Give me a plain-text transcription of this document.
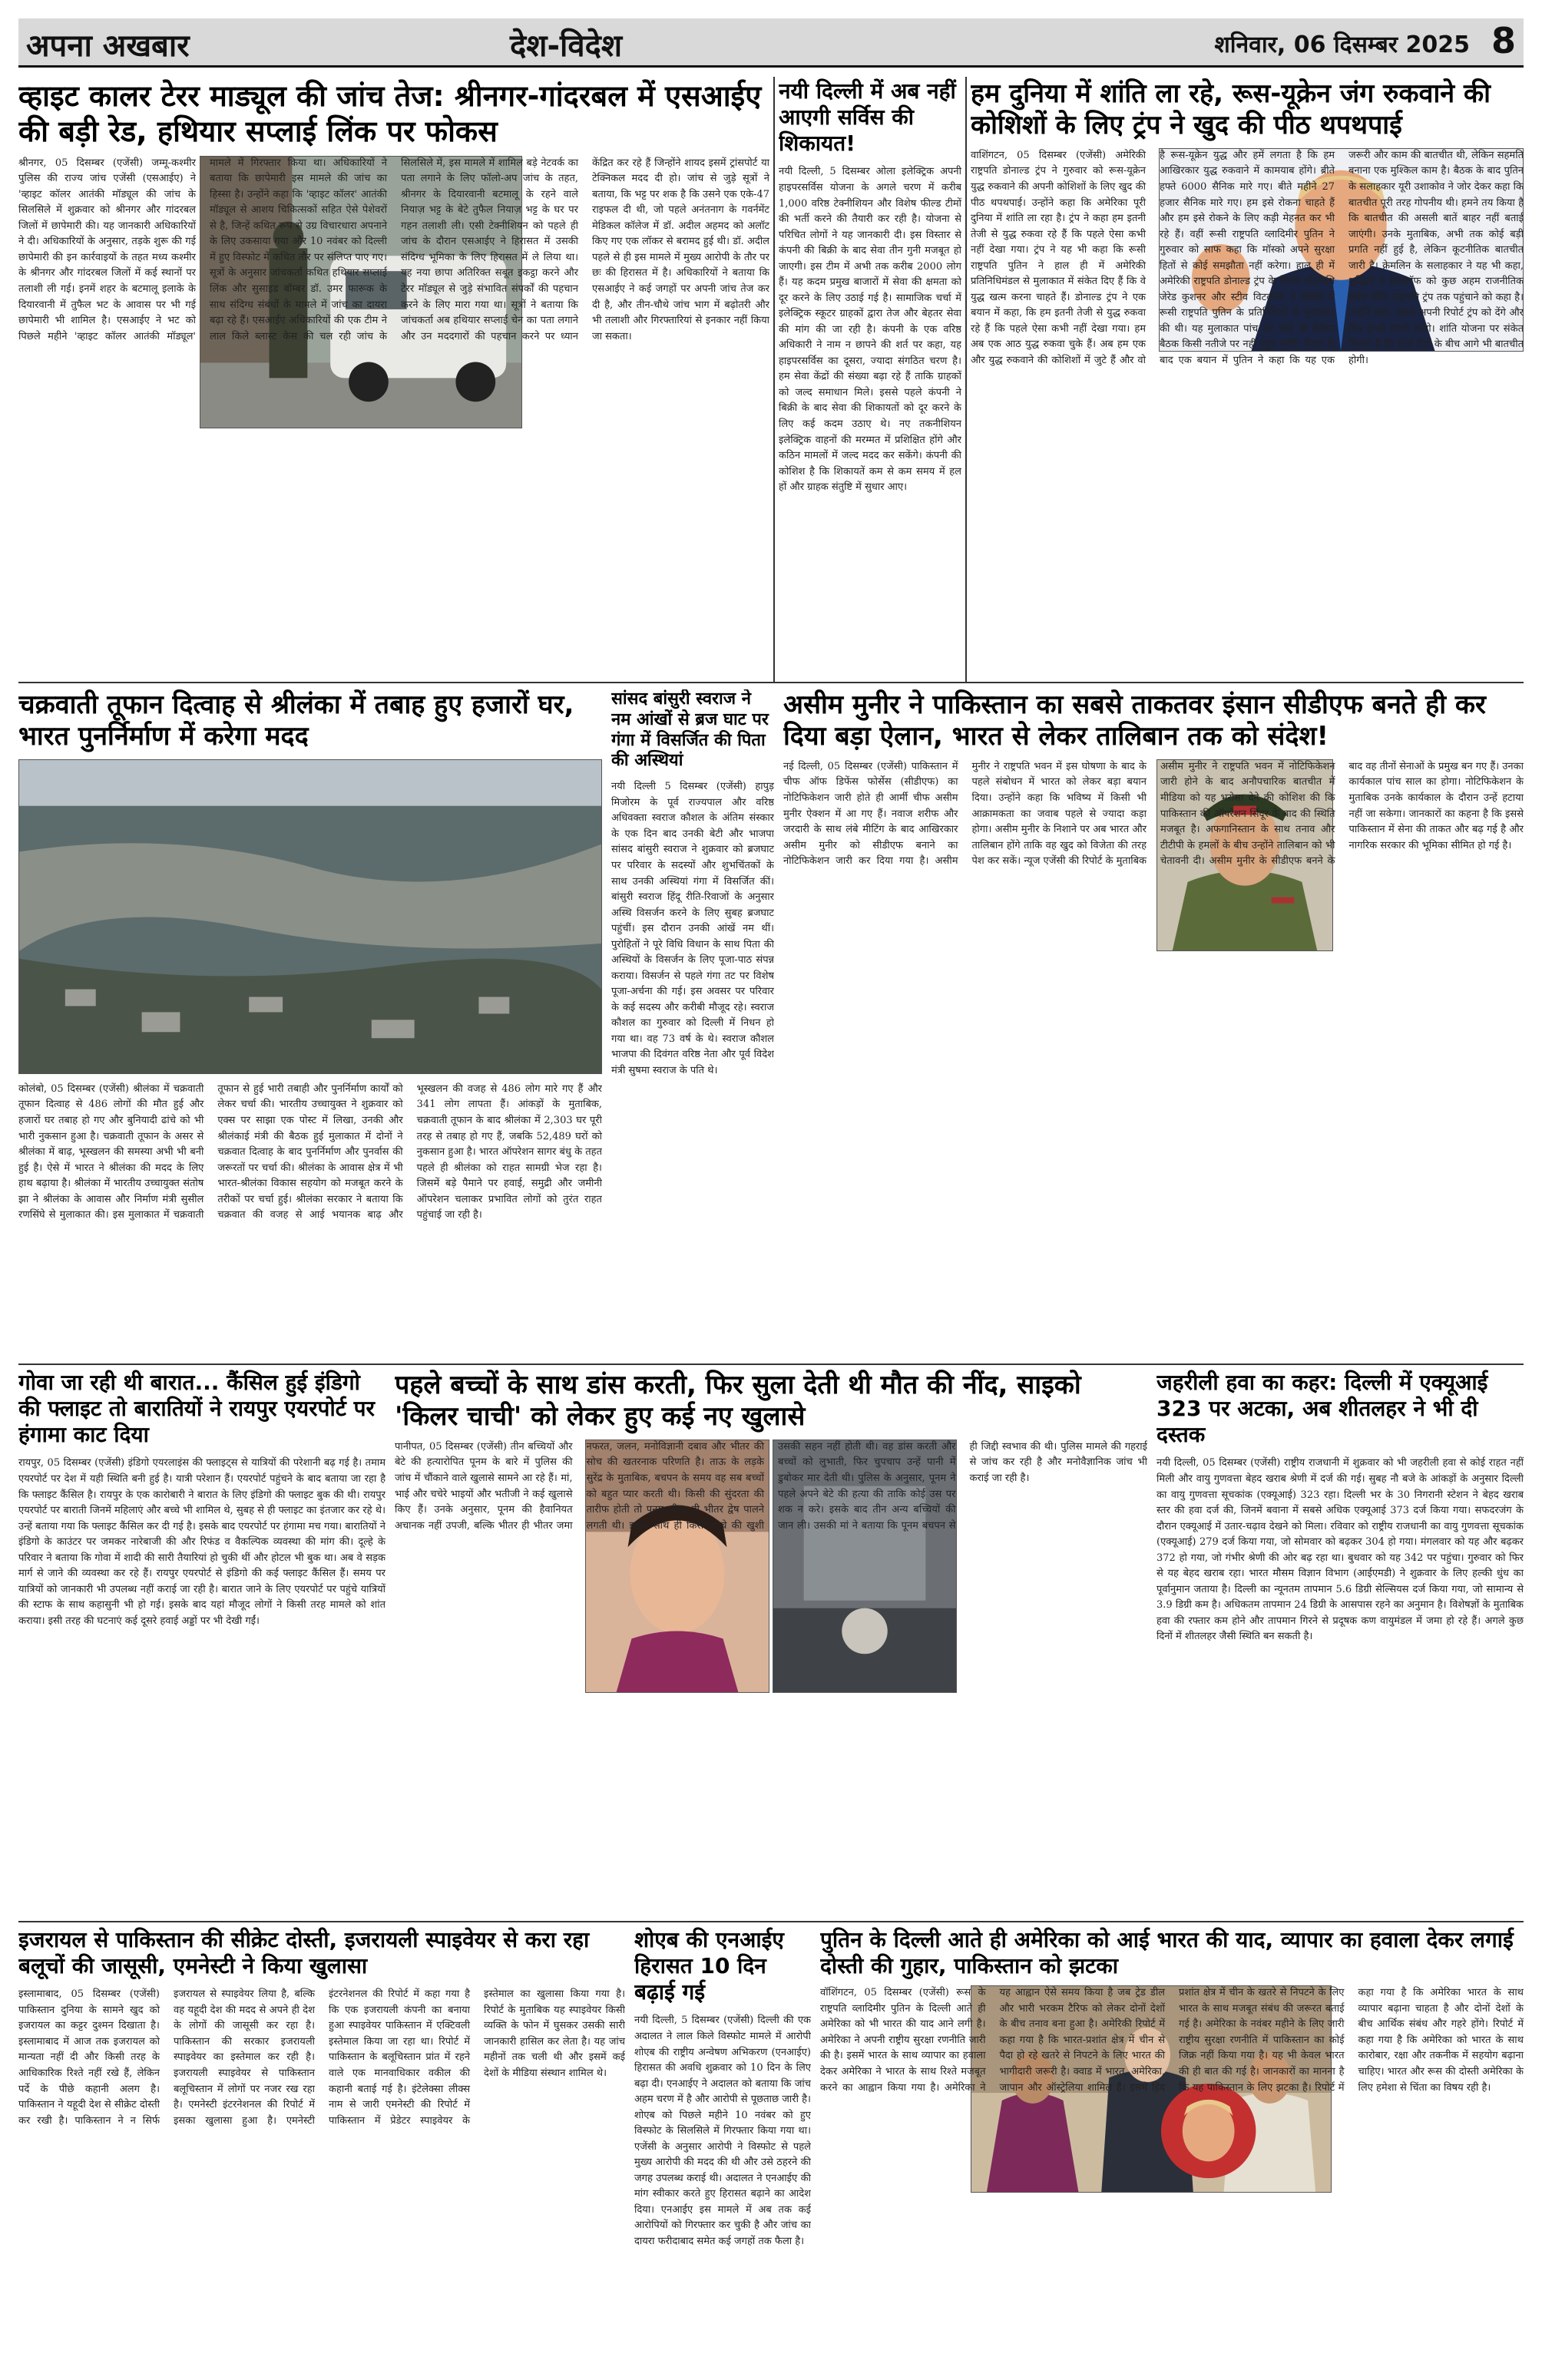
अपना अखबार	देश-विदेश	शनिवार, 06 दिसम्बर 2025 8
व्हाइट कालर टेरर माड्यूल की जांच तेज: श्रीनगर-गांदरबल में एसआईए की बड़ी रेड, हथियार सप्लाई लिंक पर फोकस
श्रीनगर, 05 दिसम्बर (एजेंसी) जम्मू-कश्मीर पुलिस की राज्य जांच एजेंसी (एसआईए) ने 'व्हाइट कॉलर आतंकी मॉड्यूल की जांच के सिलसिले में शुक्रवार को श्रीनगर और गांदरबल जिलों में छापेमारी की। यह जानकारी अधिकारियों ने दी। अधिकारियों के अनुसार, तड़के शुरू की गई छापेमारी की इन कार्रवाइयों के तहत मध्य कश्मीर के श्रीनगर और गांदरबल जिलों में कई स्थानों पर तलाशी ली गई। इनमें शहर के बटमालू इलाके के दियारवानी में तुफैल भट के आवास पर भी गई छापेमारी भी शामिल है। एसआईए ने भट को पिछले महीने 'व्हाइट कॉलर आतंकी मॉड्यूल' मामले में गिरफ्तार किया था। अधिकारियों ने बताया कि छापेमारी इस मामले की जांच का हिस्सा है। उन्होंने कहा कि 'व्हाइट कॉलर' आतंकी मॉड्यूल से आशय चिकित्सकों सहित ऐसे पेशेवरों से है, जिन्हें कथित रूप से उग्र विचारधारा अपनाने के लिए उकसाया गया और 10 नवंबर को दिल्ली में हुए विस्फोट में कथित तौर पर संलिप्त पाए गए। सूत्रों के अनुसार जांचकर्ता कथित हथियार सप्लाई लिंक और सुसाइड बॉम्बर डॉ. उमर फारूक के साथ संदिग्ध संबंधों के मामले में जांच का दायरा बढ़ा रहे हैं। एसआईए अधिकारियों की एक टीम ने लाल किले ब्लास्ट केस की चल रही जांच के सिलसिले में, इस मामले में शामिल बड़े नेटवर्क का पता लगाने के लिए फॉलो-अप जांच के तहत, श्रीनगर के दियारवानी बटमालू के रहने वाले नियाज़ भट्ट के बेटे तुफैल नियाज़ भट्ट के घर पर गहन तलाशी ली। एसी टेक्नीशियन को पहले ही जांच के दौरान एसआईए ने हिरासत में उसकी संदिग्ध भूमिका के लिए हिरासत में ले लिया था। यह नया छापा अतिरिक्त सबूत इकट्ठा करने और टेरर मॉड्यूल से जुड़े संभावित संपर्कों की पहचान करने के लिए मारा गया था। सूत्रों ने बताया कि जांचकर्ता अब हथियार सप्लाई चेन का पता लगाने और उन मददगारों की पहचान करने पर ध्यान केंद्रित कर रहे हैं जिन्होंने शायद इसमें ट्रांसपोर्ट या टेक्निकल मदद दी हो। जांच से जुड़े सूत्रों ने बताया, कि भट्ट पर शक है कि उसने एक एके-47 राइफल दी थी, जो पहले अनंतनाग के गवर्नमेंट मेडिकल कॉलेज में डॉ. अदील अहमद को अलॉट किए गए एक लॉकर से बरामद हुई थी। डॉ. अदील पहले से ही इस मामले में मुख्य आरोपी के तौर पर छः की हिरासत में है। अधिकारियों ने बताया कि एसआईए ने कई जगहों पर अपनी जांच तेज कर दी है, और तीन-चौथे जांच भाग में बढ़ोतरी और भी तलाशी और गिरफ्तारियां से इनकार नहीं किया जा सकता।
नयी दिल्ली में अब नहीं आएगी सर्विस की शिकायत!
नयी दिल्ली, 5 दिसम्बर ओला इलेक्ट्रिक अपनी हाइपरसर्विस योजना के अगले चरण में करीब 1,000 वरिष्ठ टेक्नीशियन और विशेष फील्ड टीमों की भर्ती करने की तैयारी कर रही है। योजना से परिचित लोगों ने यह जानकारी दी। इस विस्तार से कंपनी की बिक्री के बाद सेवा तीन गुनी मजबूत हो जाएगी। इस टीम में अभी तक करीब 2000 लोग हैं। यह कदम प्रमुख बाजारों में सेवा की क्षमता को दूर करने के लिए उठाई गई है। सामाजिक चर्चा में इलेक्ट्रिक स्कूटर ग्राहकों द्वारा तेज और बेहतर सेवा की मांग की जा रही है। कंपनी के एक वरिष्ठ अधिकारी ने नाम न छापने की शर्त पर कहा, यह हाइपरसर्विस का दूसरा, ज्यादा संगठित चरण है। हम सेवा केंद्रों की संख्या बढ़ा रहे हैं ताकि ग्राहकों को जल्द समाधान मिले। इससे पहले कंपनी ने बिक्री के बाद सेवा की शिकायतों को दूर करने के लिए कई कदम उठाए थे। नए तकनीशियन इलेक्ट्रिक वाहनों की मरम्मत में प्रशिक्षित होंगे और कठिन मामलों में जल्द मदद कर सकेंगे। कंपनी की कोशिश है कि शिकायतें कम से कम समय में हल हों और ग्राहक संतुष्टि में सुधार आए।
हम दुनिया में शांति ला रहे, रूस-यूक्रेन जंग रुकवाने की कोशिशों के लिए ट्रंप ने खुद की पीठ थपथपाई
वाशिंगटन, 05 दिसम्बर (एजेंसी) अमेरिकी राष्ट्रपति डोनाल्ड ट्रंप ने गुरुवार को रूस-यूक्रेन युद्ध रुकवाने की अपनी कोशिशों के लिए खुद की पीठ थपथपाई। उन्होंने कहा कि अमेरिका पूरी दुनिया में शांति ला रहा है। ट्रंप ने कहा हम इतनी तेजी से युद्ध रुकवा रहे हैं कि पहले ऐसा कभी नहीं देखा गया। ट्रंप ने यह भी कहा कि रूसी राष्ट्रपति पुतिन ने हाल ही में अमेरिकी प्रतिनिधिमंडल से मुलाकात में संकेत दिए हैं कि वे युद्ध खत्म करना चाहते हैं। डोनाल्ड ट्रंप ने एक बयान में कहा, कि हम इतनी तेजी से युद्ध रुकवा रहे हैं कि पहले ऐसा कभी नहीं देखा गया। हम अब एक आठ युद्ध रुकवा चुके हैं। अब हम एक और युद्ध रुकवाने की कोशिशों में जुटे हैं और वो है रूस-यूक्रेन युद्ध और हमें लगता है कि हम आखिरकार युद्ध रुकवाने में कामयाब होंगे। ब्रीते हफ्ते 6000 सैनिक मारे गए। बीते महीने 27 हजार सैनिक मारे गए। हम इसे रोकना चाहते हैं और हम इसे रोकने के लिए कड़ी मेहनत कर भी रहे हैं। वहीं रूसी राष्ट्रपति व्लादिमीर पुतिन ने गुरुवार को साफ कहा कि मॉस्को अपने सुरक्षा हितों से कोई समझौता नहीं करेगा। हाल ही में अमेरिकी राष्ट्रपति डोनाल्ड ट्रंप के विशेष प्रतिनिधि जेरेड कुशनर और स्टीव विटकॉफ ने मॉस्को में रूसी राष्ट्रपति पुतिन के प्रतिनिधियों से मुलाकात की थी। यह मुलाकात पांच घंटे चली थी लेकिन बैठक किसी नतीजे पर नहीं पहुंच सकी। बैठक के बाद एक बयान में पुतिन ने कहा कि यह एक जरूरी और काम की बातचीत थी, लेकिन सहमति बनाना एक मुश्किल काम है। बैठक के बाद पुतिन के सलाहकार यूरी उशाकोव ने जोर देकर कहा कि बातचीत पूरी तरह गोपनीय थी। हमने तय किया है कि बातचीत की असली बातें बाहर नहीं बताई जाएंगी। उनके मुताबिक, अभी तक कोई बड़ी प्रगति नहीं हुई है, लेकिन कूटनीतिक बातचीत जारी है। क्रेमलिन के सलाहकार ने यह भी कहा, शुद्धिता ने विटकॉफ को कुछ अहम राजनीतिक संदेश सौंपे। राष्ट्रपति ट्रंप तक पहुंचाने को कहा है। उन्होंने कहा, सबसे अपनी रिपोर्ट ट्रंप को देंगे और फिर हमसे संपर्क करेंगे। शांति योजना पर संकेत मिलता है कि दोनों देशों के बीच आगे भी बातचीत होगी।
चक्रवाती तूफान दित्वाह से श्रीलंका में तबाह हुए हजारों घर, भारत पुनर्निर्माण में करेगा मदद
कोलंबो, 05 दिसम्बर (एजेंसी) श्रीलंका में चक्रवाती तूफान दित्वाह से 486 लोगों की मौत हुई और हजारों घर तबाह हो गए और बुनियादी ढांचे को भी भारी नुकसान हुआ है। चक्रवाती तूफान के असर से श्रीलंका में बाढ़, भूस्खलन की समस्या अभी भी बनी हुई है। ऐसे में भारत ने श्रीलंका की मदद के लिए हाथ बढ़ाया है। श्रीलंका में भारतीय उच्चायुक्त संतोष झा ने श्रीलंका के आवास और निर्माण मंत्री सुसील रणसिंघे से मुलाकात की। इस मुलाकात में चक्रवाती तूफान से हुई भारी तबाही और पुनर्निर्माण कार्यों को लेकर चर्चा की। भारतीय उच्चायुक्त ने शुक्रवार को एक्स पर साझा एक पोस्ट में लिखा, उनकी और श्रीलंकाई मंत्री की बैठक हुई मुलाकात में दोनों ने चक्रवात दित्वाह के बाद पुनर्निर्माण और पुनर्वास की जरूरतों पर चर्चा की। श्रीलंका के आवास क्षेत्र में भी भारत-श्रीलंका विकास सहयोग को मजबूत करने के तरीकों पर चर्चा हुई। श्रीलंका सरकार ने बताया कि चक्रवात की वजह से आई भयानक बाढ़ और भूस्खलन की वजह से 486 लोग मारे गए हैं और 341 लोग लापता हैं। आंकड़ों के मुताबिक, चक्रवाती तूफान के बाद श्रीलंका में 2,303 घर पूरी तरह से तबाह हो गए हैं, जबकि 52,489 घरों को नुकसान हुआ है। भारत ऑपरेशन सागर बंधु के तहत पहले ही श्रीलंका को राहत सामग्री भेज रहा है। जिसमें बड़े पैमाने पर हवाई, समुद्री और जमीनी ऑपरेशन चलाकर प्रभावित लोगों को तुरंत राहत पहुंचाई जा रही है।
सांसद बांसुरी स्वराज ने नम आंखों से ब्रज घाट पर गंगा में विसर्जित की पिता की अस्थियां
नयी दिल्ली 5 दिसम्बर (एजेंसी) हापुड़ मिजोरम के पूर्व राज्यपाल और वरिष्ठ अधिवक्ता स्वराज कौशल के अंतिम संस्कार के एक दिन बाद उनकी बेटी और भाजपा सांसद बांसुरी स्वराज ने शुक्रवार को ब्रजघाट पर परिवार के सदस्यों और शुभचिंतकों के साथ उनकी अस्थियां गंगा में विसर्जित कीं। बांसुरी स्वराज हिंदू रीति-रिवाजों के अनुसार अस्थि विसर्जन करने के लिए सुबह ब्रजघाट पहुंचीं। इस दौरान उनकी आंखें नम थीं। पुरोहितों ने पूरे विधि विधान के साथ पिता की अस्थियों के विसर्जन के लिए पूजा-पाठ संपन्न कराया। विसर्जन से पहले गंगा तट पर विशेष पूजा-अर्चना की गई। इस अवसर पर परिवार के कई सदस्य और करीबी मौजूद रहे। स्वराज कौशल का गुरुवार को दिल्ली में निधन हो गया था। वह 73 वर्ष के थे। स्वराज कौशल भाजपा की दिवंगत वरिष्ठ नेता और पूर्व विदेश मंत्री सुषमा स्वराज के पति थे।
असीम मुनीर ने पाकिस्तान का सबसे ताकतवर इंसान सीडीएफ बनते ही कर दिया बड़ा ऐलान, भारत से लेकर तालिबान तक को संदेश!
नई दिल्ली, 05 दिसम्बर (एजेंसी) पाकिस्तान में चीफ ऑफ डिफेंस फोर्सेस (सीडीएफ) का नोटिफिकेशन जारी होते ही आर्मी चीफ असीम मुनीर ऐक्शन में आ गए हैं। नवाज शरीफ और जरदारी के साथ लंबे मीटिंग के बाद आखिरकार असीम मुनीर को सीडीएफ बनाने का नोटिफिकेशन जारी कर दिया गया है। असीम मुनीर ने राष्ट्रपति भवन में इस घोषणा के बाद के पहले संबोधन में भारत को लेकर बड़ा बयान दिया। उन्होंने कहा कि भविष्य में किसी भी आक्रामकता का जवाब पहले से ज्यादा कड़ा होगा। असीम मुनीर के निशाने पर अब भारत और तालिबान होंगे ताकि वह खुद को विजेता की तरह पेश कर सकें। न्यूज एजेंसी की रिपोर्ट के मुताबिक असीम मुनीर ने राष्ट्रपति भवन में नोटिफिकेशन जारी होने के बाद अनौपचारिक बातचीत में मीडिया को यह भरोसा देने की कोशिश की कि पाकिस्तान की ऑपरेशन सिंदूर के बाद की स्थिति मजबूत है। अफगानिस्तान के साथ तनाव और टीटीपी के हमलों के बीच उन्होंने तालिबान को भी चेतावनी दी। असीम मुनीर के सीडीएफ बनने के बाद वह तीनों सेनाओं के प्रमुख बन गए हैं। उनका कार्यकाल पांच साल का होगा। नोटिफिकेशन के मुताबिक उनके कार्यकाल के दौरान उन्हें हटाया नहीं जा सकेगा। जानकारों का कहना है कि इससे पाकिस्तान में सेना की ताकत और बढ़ गई है और नागरिक सरकार की भूमिका सीमित हो गई है।
गोवा जा रही थी बारात... कैंसिल हुई इंडिगो की फ्लाइट तो बारातियों ने रायपुर एयरपोर्ट पर हंगामा काट दिया
रायपुर, 05 दिसम्बर (एजेंसी) इंडिगो एयरलाइंस की फ्लाइट्स से यात्रियों की परेशानी बढ़ गई है। तमाम एयरपोर्ट पर देश में यही स्थिति बनी हुई है। यात्री परेशान हैं। एयरपोर्ट पहुंचने के बाद बताया जा रहा है कि फ्लाइट कैंसिल है। रायपुर के एक कारोबारी ने बारात के लिए इंडिगो की फ्लाइट बुक की थी। रायपुर एयरपोर्ट पर बाराती जिनमें महिलाएं और बच्चे भी शामिल थे, सुबह से ही फ्लाइट का इंतजार कर रहे थे। उन्हें बताया गया कि फ्लाइट कैंसिल कर दी गई है। इसके बाद एयरपोर्ट पर हंगामा मच गया। बारातियों ने इंडिगो के काउंटर पर जमकर नारेबाजी की और रिफंड व वैकल्पिक व्यवस्था की मांग की। दूल्हे के परिवार ने बताया कि गोवा में शादी की सारी तैयारियां हो चुकी थीं और होटल भी बुक था। अब वे सड़क मार्ग से जाने की व्यवस्था कर रहे हैं। रायपुर एयरपोर्ट से इंडिगो की कई फ्लाइट कैंसिल हैं। समय पर यात्रियों को जानकारी भी उपलब्ध नहीं कराई जा रही है। बारात जाने के लिए एयरपोर्ट पर पहुंचे यात्रियों की स्टाफ के साथ कहासुनी भी हो गई। इसके बाद यहां मौजूद लोगों ने किसी तरह मामले को शांत कराया। इसी तरह की घटनाएं कई दूसरे हवाई अड्डों पर भी देखी गईं।
पहले बच्चों के साथ डांस करती, फिर सुला देती थी मौत की नींद, साइको 'किलर चाची' को लेकर हुए कई नए खुलासे
पानीपत, 05 दिसम्बर (एजेंसी) तीन बच्चियों और बेटे की हत्यारोपित पूनम के बारे में पुलिस की जांच में चौंकाने वाले खुलासे सामने आ रहे हैं। मां, भाई और चचेरे भाइयों और भतीजी ने कई खुलासे किए हैं। उनके अनुसार, पूनम की हैवानियत अचानक नहीं उपजी, बल्कि भीतर ही भीतर जमा नफरत, जलन, मनोविज्ञानी दबाव और भीतर की सोच की खतरनाक परिणति है। ताऊ के लड़के सुरेंद्र के मुताबिक, बचपन के समय वह सब बच्चों को बहुत प्यार करती थी। किसी की सुंदरता की तारीफ होती तो पूनम भीतर ही भीतर द्वेष पालने लगती थी। इसके साथ ही किसी बच्चे की खुशी उसकी सहन नहीं होती थी। वह डांस करती और बच्चों को लुभाती, फिर चुपचाप उन्हें पानी में डुबोकर मार देती थी। पुलिस के अनुसार, पूनम ने पहले अपने बेटे की हत्या की ताकि कोई उस पर शक न करे। इसके बाद तीन अन्य बच्चियों की जान ली। उसकी मां ने बताया कि पूनम बचपन से ही जिद्दी स्वभाव की थी। पुलिस मामले की गहराई से जांच कर रही है और मनोवैज्ञानिक जांच भी कराई जा रही है।
जहरीली हवा का कहर: दिल्ली में एक्यूआई 323 पर अटका, अब शीतलहर ने भी दी दस्तक
नयी दिल्ली, 05 दिसम्बर (एजेंसी) राष्ट्रीय राजधानी में शुक्रवार को भी जहरीली हवा से कोई राहत नहीं मिली और वायु गुणवत्ता बेहद खराब श्रेणी में दर्ज की गई। सुबह नौ बजे के आंकड़ों के अनुसार दिल्ली का वायु गुणवत्ता सूचकांक (एक्यूआई) 323 रहा। दिल्ली भर के 30 निगरानी स्टेशन ने बेहद खराब स्तर की हवा दर्ज की, जिनमें बवाना में सबसे अधिक एक्यूआई 373 दर्ज किया गया। सफदरजंग के दौरान एक्यूआई में उतार-चढ़ाव देखने को मिला। रविवार को राष्ट्रीय राजधानी का वायु गुणवत्ता सूचकांक (एक्यूआई) 279 दर्ज किया गया, जो सोमवार को बढ़कर 304 हो गया। मंगलवार को यह और बढ़कर 372 हो गया, जो गंभीर श्रेणी की ओर बढ़ रहा था। बुधवार को यह 342 पर पहुंचा। गुरुवार को फिर से यह बेहद खराब रहा। भारत मौसम विज्ञान विभाग (आईएमडी) ने शुक्रवार के लिए हल्की धुंध का पूर्वानुमान जताया है। दिल्ली का न्यूनतम तापमान 5.6 डिग्री सेल्सियस दर्ज किया गया, जो सामान्य से 3.9 डिग्री कम है। अधिकतम तापमान 24 डिग्री के आसपास रहने का अनुमान है। विशेषज्ञों के मुताबिक हवा की रफ्तार कम होने और तापमान गिरने से प्रदूषक कण वायुमंडल में जमा हो रहे हैं। अगले कुछ दिनों में शीतलहर जैसी स्थिति बन सकती है।
इजरायल से पाकिस्तान की सीक्रेट दोस्ती, इजरायली स्पाइवेयर से करा रहा बलूचों की जासूसी, एमनेस्टी ने किया खुलासा
इस्लामाबाद, 05 दिसम्बर (एजेंसी) पाकिस्तान दुनिया के सामने खुद को इजरायल का कट्टर दुश्मन दिखाता है। इस्लामाबाद में आज तक इजरायल को मान्यता नहीं दी और किसी तरह के आधिकारिक रिश्ते नहीं रखे हैं, लेकिन पर्दे के पीछे कहानी अलग है। पाकिस्तान ने यहूदी देश से सीक्रेट दोस्ती कर रखी है। पाकिस्तान ने न सिर्फ इजरायल से स्पाइवेयर लिया है, बल्कि वह यहूदी देश की मदद से अपने ही देश के लोगों की जासूसी कर रहा है। पाकिस्तान की सरकार इजरायली स्पाइवेयर का इस्तेमाल कर रही है। इजरायली स्पाइवेयर से पाकिस्तान बलूचिस्तान में लोगों पर नजर रख रहा है। एमनेस्टी इंटरनेशनल की रिपोर्ट में इसका खुलासा हुआ है। एमनेस्टी इंटरनेशनल की रिपोर्ट में कहा गया है कि एक इजरायली कंपनी का बनाया हुआ स्पाइवेयर पाकिस्तान में एक्टिवली इस्तेमाल किया जा रहा था। रिपोर्ट में पाकिस्तान के बलूचिस्तान प्रांत में रहने वाले एक मानवाधिकार वकील की कहानी बताई गई है। इंटेलेक्सा लीक्स नाम से जारी एमनेस्टी की रिपोर्ट में पाकिस्तान में प्रेडेटर स्पाइवेयर के इस्तेमाल का खुलासा किया गया है। रिपोर्ट के मुताबिक यह स्पाइवेयर किसी व्यक्ति के फोन में घुसकर उसकी सारी जानकारी हासिल कर लेता है। यह जांच महीनों तक चली थी और इसमें कई देशों के मीडिया संस्थान शामिल थे।
शोएब की एनआईए हिरासत 10 दिन बढ़ाई गई
नयी दिल्ली, 5 दिसम्बर (एजेंसी) दिल्ली की एक अदालत ने लाल किले विस्फोट मामले में आरोपी शोएब की राष्ट्रीय अन्वेषण अभिकरण (एनआईए) हिरासत की अवधि शुक्रवार को 10 दिन के लिए बढ़ा दी। एनआईए ने अदालत को बताया कि जांच अहम चरण में है और आरोपी से पूछताछ जारी है। शोएब को पिछले महीने 10 नवंबर को हुए विस्फोट के सिलसिले में गिरफ्तार किया गया था। एजेंसी के अनुसार आरोपी ने विस्फोट से पहले मुख्य आरोपी की मदद की थी और उसे ठहरने की जगह उपलब्ध कराई थी। अदालत ने एनआईए की मांग स्वीकार करते हुए हिरासत बढ़ाने का आदेश दिया। एनआईए इस मामले में अब तक कई आरोपियों को गिरफ्तार कर चुकी है और जांच का दायरा फरीदाबाद समेत कई जगहों तक फैला है।
पुतिन के दिल्ली आते ही अमेरिका को आई भारत की याद, व्यापार का हवाला देकर लगाई दोस्ती की गुहार, पाकिस्तान को झटका
वॉशिंगटन, 05 दिसम्बर (एजेंसी) रूस के राष्ट्रपति व्लादिमीर पुतिन के दिल्ली आते ही अमेरिका को भी भारत की याद आने लगी है। अमेरिका ने अपनी राष्ट्रीय सुरक्षा रणनीति जारी की है। इसमें भारत के साथ व्यापार का हवाला देकर अमेरिका ने भारत के साथ रिश्ते मजबूत करने का आह्वान किया गया है। अमेरिका ने यह आह्वान ऐसे समय किया है जब ट्रेड डील और भारी भरकम टैरिफ को लेकर दोनों देशों के बीच तनाव बना हुआ है। अमेरिकी रिपोर्ट में कहा गया है कि भारत-प्रशांत क्षेत्र में चीन से पैदा हो रहे खतरे से निपटने के लिए भारत की भागीदारी जरूरी है। क्वाड में भारत, अमेरिका, जापान और ऑस्ट्रेलिया शामिल हैं। इसमें हिंद प्रशांत क्षेत्र में चीन के खतरे से निपटने के लिए भारत के साथ मजबूत संबंध की जरूरत बताई गई है। अमेरिका के नवंबर महीने के लिए जारी राष्ट्रीय सुरक्षा रणनीति में पाकिस्तान का कोई जिक्र नहीं किया गया है। यह भी केवल भारत की ही बात की गई है। जानकारों का मानना है कि यह पाकिस्तान के लिए झटका है। रिपोर्ट में कहा गया है कि अमेरिका भारत के साथ व्यापार बढ़ाना चाहता है और दोनों देशों के बीच आर्थिक संबंध और गहरे होंगे। रिपोर्ट में कहा गया है कि अमेरिका को भारत के साथ कारोबार, रक्षा और तकनीक में सहयोग बढ़ाना चाहिए। भारत और रूस की दोस्ती अमेरिका के लिए हमेशा से चिंता का विषय रही है।
